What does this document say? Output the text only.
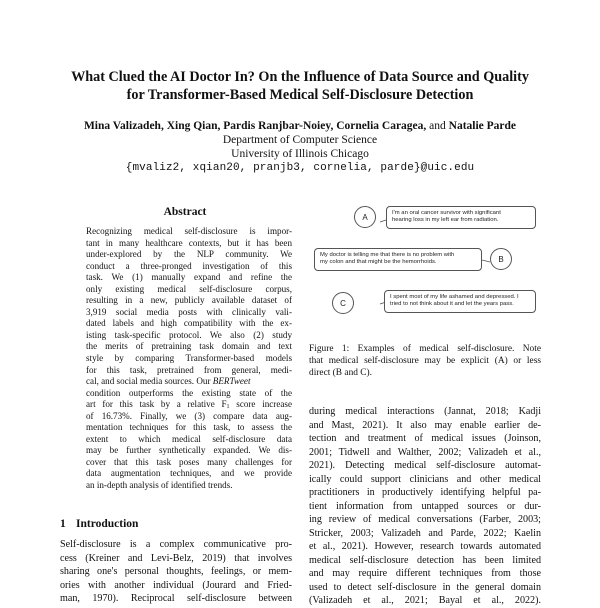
What Clued the AI Doctor In? On the Influence of Data Source and Quality
for Transformer-Based Medical Self-Disclosure Detection
Mina Valizadeh, Xing Qian, Pardis Ranjbar-Noiey, Cornelia Caragea, and Natalie Parde
Department of Computer Science
University of Illinois Chicago
{mvaliz2, xqian20, pranjb3, cornelia, parde}@uic.edu
Abstract
Recognizing medical self-disclosure is impor-
tant in many healthcare contexts, but it has been
under-explored by the NLP community. We
conduct a three-pronged investigation of this
task. We (1) manually expand and refine the
only existing medical self-disclosure corpus,
resulting in a new, publicly available dataset of
3,919 social media posts with clinically vali-
dated labels and high compatibility with the ex-
isting task-specific protocol. We also (2) study
the merits of pretraining task domain and text
style by comparing Transformer-based models
for this task, pretrained from general, medi-
cal, and social media sources. Our BERTweet
condition outperforms the existing state of the
art for this task by a relative $F_1$ score increase
of 16.73%. Finally, we (3) compare data aug-
mentation techniques for this task, to assess the
extent to which medical self-disclosure data
may be further synthetically expanded. We dis-
cover that this task poses many challenges for
data augmentation techniques, and we provide
an in-depth analysis of identified trends.
1 Introduction
Self-disclosure is a complex communicative pro-
cess (Kreiner and Levi-Belz, 2019) that involves
sharing one's personal thoughts, feelings, or mem-
ories with another individual (Jourard and Fried-
man, 1970). Reciprocal self-disclosure between
A	I'm an oral cancer survivor with significant
hearing loss in my left ear from radiation.
My doctor is telling me that there is no problem with
my colon and that might be the hemorrhoids.	B
C
I spent most of my life ashamed and depressed. I
tried to not think about it and let the years pass.
Figure 1: Examples of medical self-disclosure. Note
that medical self-disclosure may be explicit (A) or less
direct (B and C).
during medical interactions (Jannat, 2018; Kadji
and Mast, 2021). It also may enable earlier de-
tection and treatment of medical issues (Joinson,
2001; Tidwell and Walther, 2002; Valizadeh et al.,
2021). Detecting medical self-disclosure automat-
ically could support clinicians and other medical
practitioners in productively identifying helpful pa-
tient information from untapped sources or dur-
ing review of medical conversations (Farber, 2003;
Stricker, 2003; Valizadeh and Parde, 2022; Kaelin
et al., 2021). However, research towards automated
medical self-disclosure detection has been limited
and may require different techniques from those
used to detect self-disclosure in the general domain
(Valizadeh et al., 2021; Bayal et al., 2022).
